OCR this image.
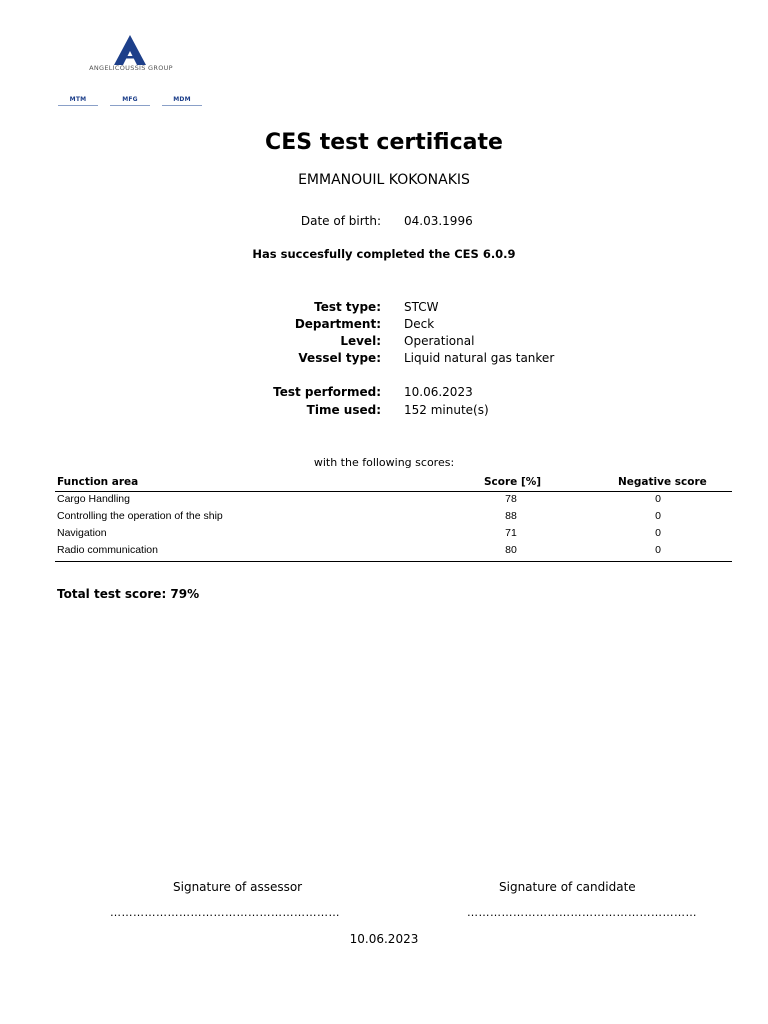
ANGELICOUSSIS GROUP
MTM	MFG	MDM
CES test certificate
EMMANOUIL KOKONAKIS
Date of birth: 04.03.1996
Has succesfully completed the CES 6.0.9
Test type: STCW
Department: Deck
Level: Operational
Vessel type: Liquid natural gas tanker
Test performed: 10.06.2023
Time used: 152 minute(s)
with the following scores:
Function area	Score [%]	Negative score
Cargo Handling	78	0
Controlling the operation of the ship	88	0
Navigation	71	0
Radio communication	80	0
Total test score: 79%
Signature of assessor	Signature of candidate
……………………………………………………	……………………………………………………
10.06.2023
